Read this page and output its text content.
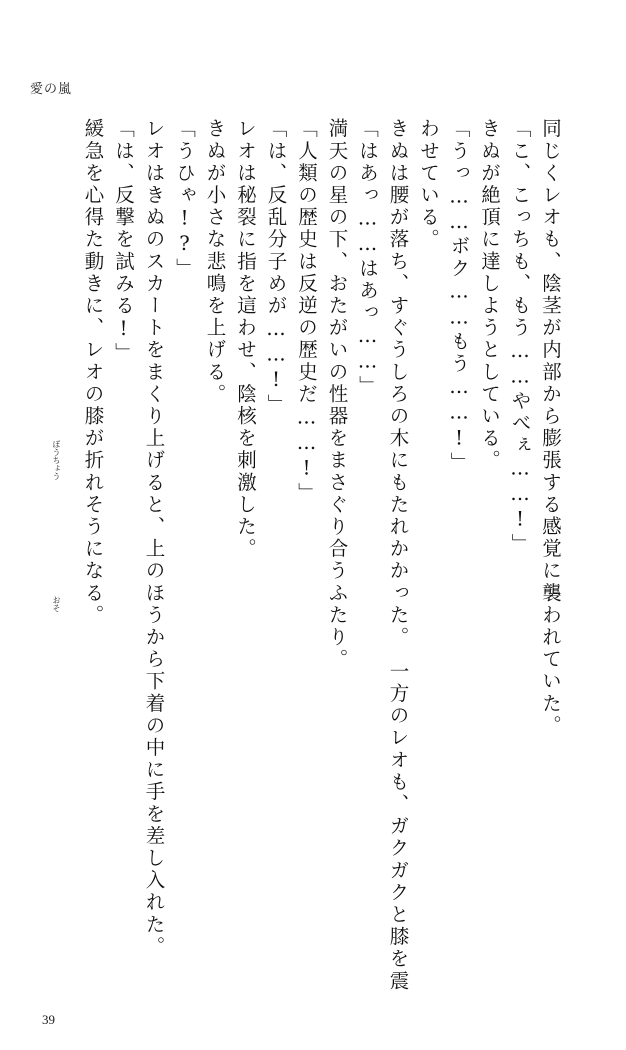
愛の嵐
緩急を心得た動きに、レオの膝が折れそうになる。 「は、反撃を試みる!」 レオはきぬのスカートをまくり上げると、上のほうから下着の中に手を差し入れた。 「うひゃ!?」 きぬが小さな悲鳴を上げる。 レオは秘裂に指を這わせ、陰核を刺激した。 「は、反乱分子めが……!」 「人類の歴史は反逆の歴史だ……!」 満天の星の下、おたがいの性器をまさぐり合うふたり。 「はあっ……はあっ……」 きぬは腰が落ち、すぐうしろの木にもたれかかった。　一方のレオも、ガクガクと膝を震 わせている。 「うっ……ボク……もう……!」 きぬが絶頂に達しようとしている。 「こ、こっちも、もう……やべぇ……!」 同じくレオも、陰茎が内部から膨張する感覚に襲われていた。
ぼうちょう
おそ
39
